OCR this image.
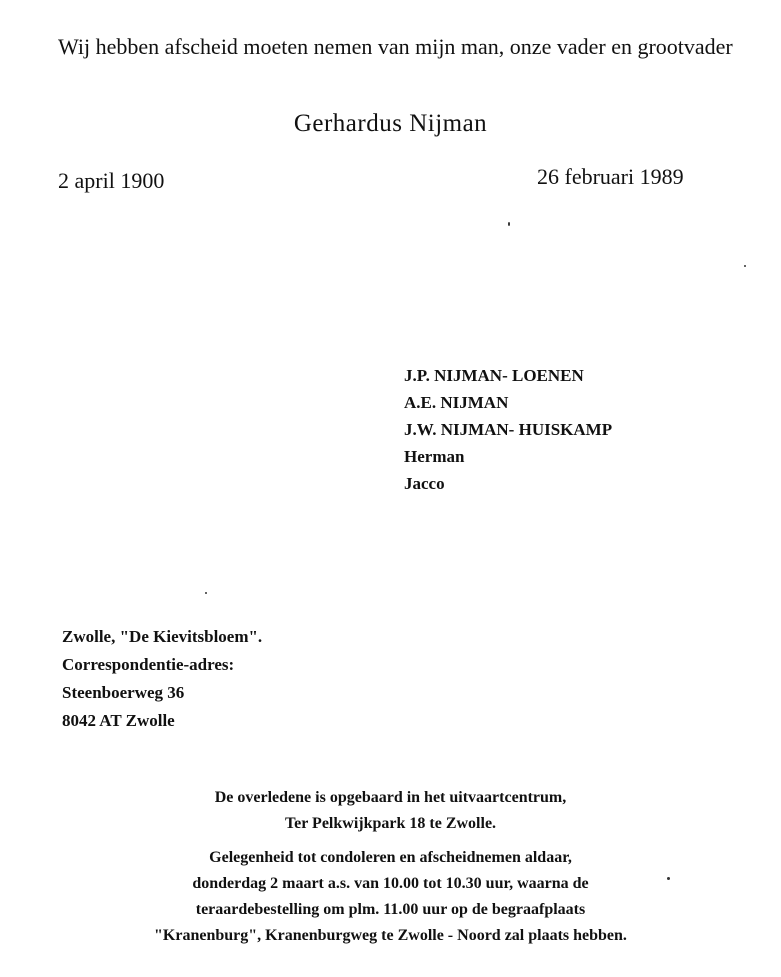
Wij hebben afscheid moeten nemen van mijn man, onze vader en grootvader
Gerhardus Nijman
2 april 1900	26 februari 1989
J.P. NIJMAN- LOENEN
A.E. NIJMAN
J.W. NIJMAN- HUISKAMP
Herman
Jacco
Zwolle, "De Kievitsbloem".
Correspondentie-adres:
Steenboerweg 36
8042 AT Zwolle
De overledene is opgebaard in het uitvaartcentrum,
Ter Pelkwijkpark 18 te Zwolle.
Gelegenheid tot condoleren en afscheidnemen aldaar,
donderdag 2 maart a.s. van 10.00 tot 10.30 uur, waarna de
teraardebestelling om plm. 11.00 uur op de begraafplaats
"Kranenburg", Kranenburgweg te Zwolle - Noord zal plaats hebben.
